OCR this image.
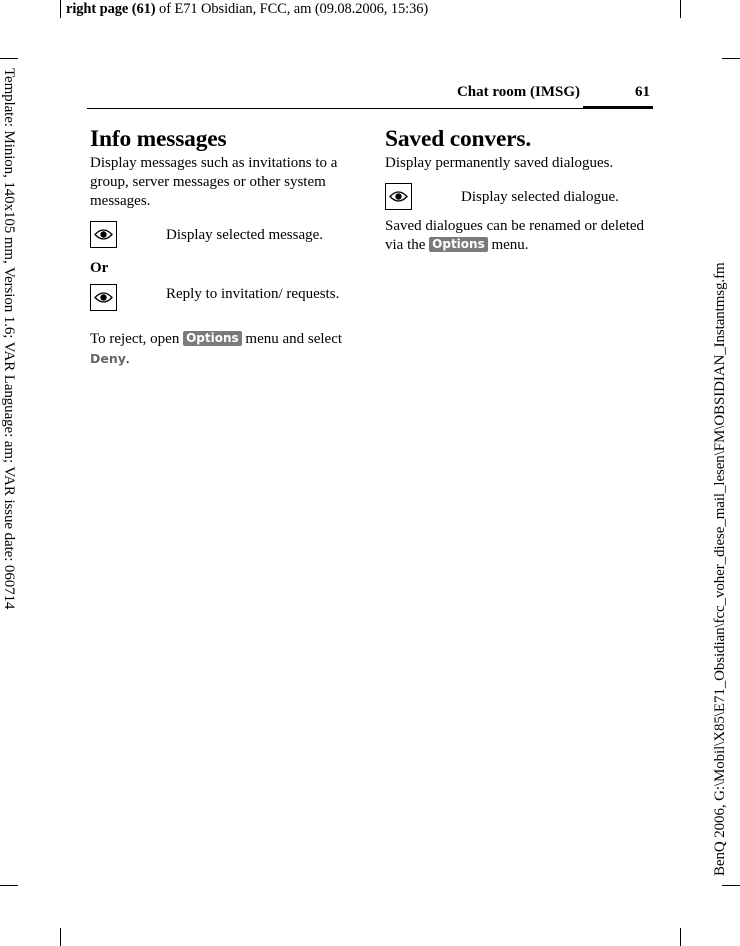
right page (61) of E71 Obsidian, FCC, am (09.08.2006, 15:36)
Template: Minion, 140x105 mm, Version 1.6; VAR Language: am; VAR issue date: 060714	BenQ 2006, G:\Mobil\X85\E71_Obsidian\fcc_voher_diese_mail_lesen\FM\OBSIDIAN_Instantmsg.fm
Chat room (IMSG)	61
Info messages

Display messages such as invitations to a group, server messages or other system messages.

Display selected message.
Or
Reply to invitation/ requests.

To reject, open Options menu and select Deny.

Saved convers.

Display permanently saved dialogues.

Display selected dialogue.

Saved dialogues can be renamed or deleted via the Options menu.
